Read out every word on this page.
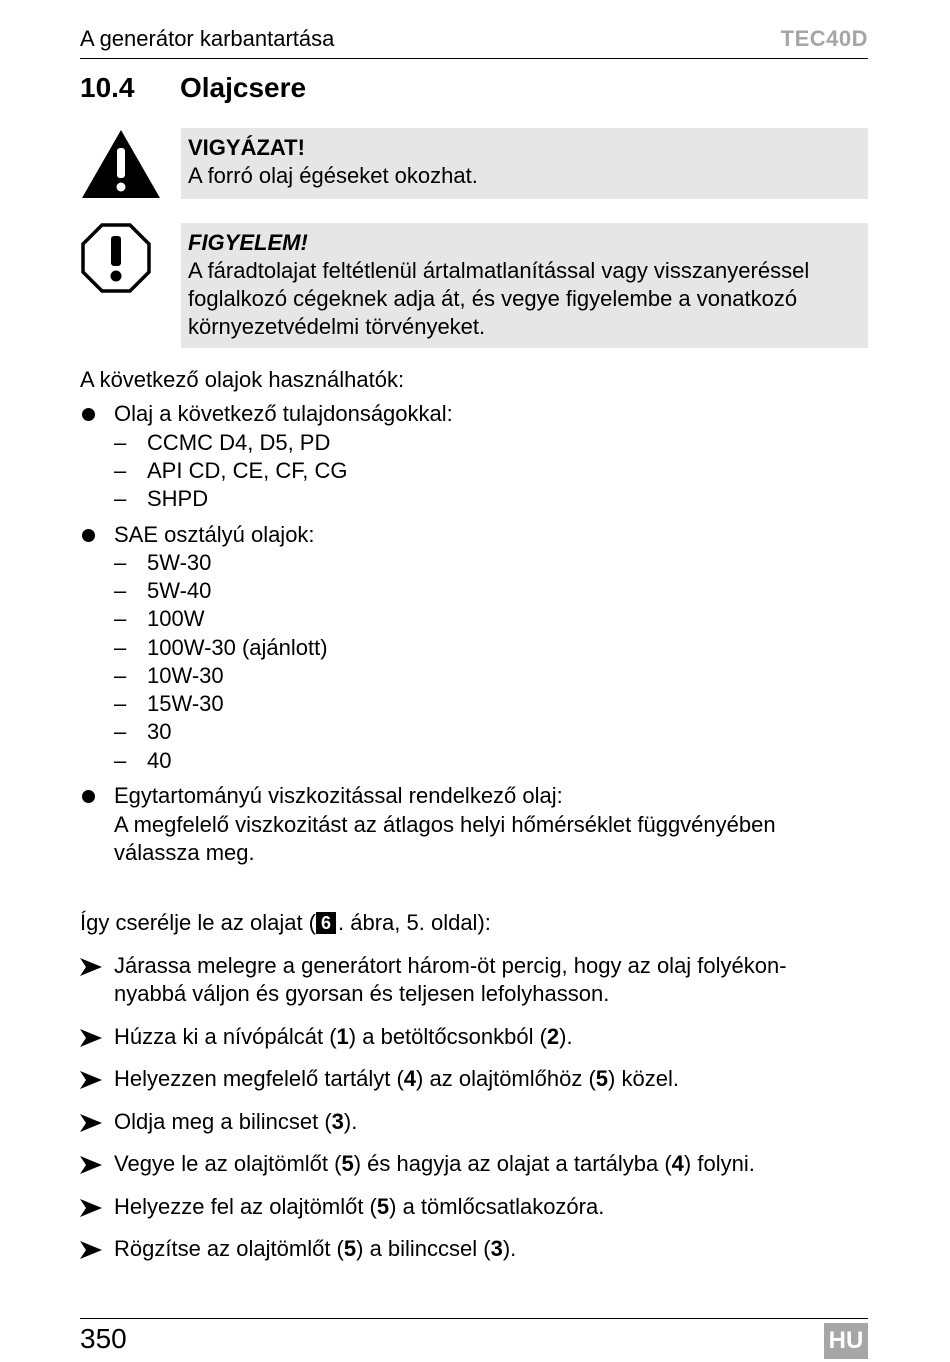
A generátor karbantartása	TEC40D
10.4 Olajcsere
VIGYÁZAT!
A forró olaj égéseket okozhat.
FIGYELEM!
A fáradtolajat feltétlenül ártalmatlanítással vagy visszanyeréssel
foglalkozó cégeknek adja át, és vegye figyelembe a vonatkozó
környezetvédelmi törvényeket.
A következő olajok használhatók:
Olaj a következő tulajdonságokkal:
– CCMC D4, D5, PD
– API CD, CE, CF, CG
– SHPD
SAE osztályú olajok:
– 5W-30
– 5W-40
– 100W
– 100W-30 (ajánlott)
– 10W-30
– 15W-30
– 30
– 40
Egytartományú viszkozitással rendelkező olaj:
A megfelelő viszkozitást az átlagos helyi hőmérséklet függvényében
válassza meg.
Így cserélje le az olajat ( 6 . ábra, 5. oldal):
Járassa melegre a generátort három-öt percig, hogy az olaj folyékon-
nyabbá váljon és gyorsan és teljesen lefolyhasson.
Húzza ki a nívópálcát (1) a betöltőcsonkból (2).
Helyezzen megfelelő tartályt (4) az olajtömlőhöz (5) közel.
Oldja meg a bilincset (3).
Vegye le az olajtömlőt (5) és hagyja az olajat a tartályba (4) folyni.
Helyezze fel az olajtömlőt (5) a tömlőcsatlakozóra.
Rögzítse az olajtömlőt (5) a bilinccsel (3).
350	HU
